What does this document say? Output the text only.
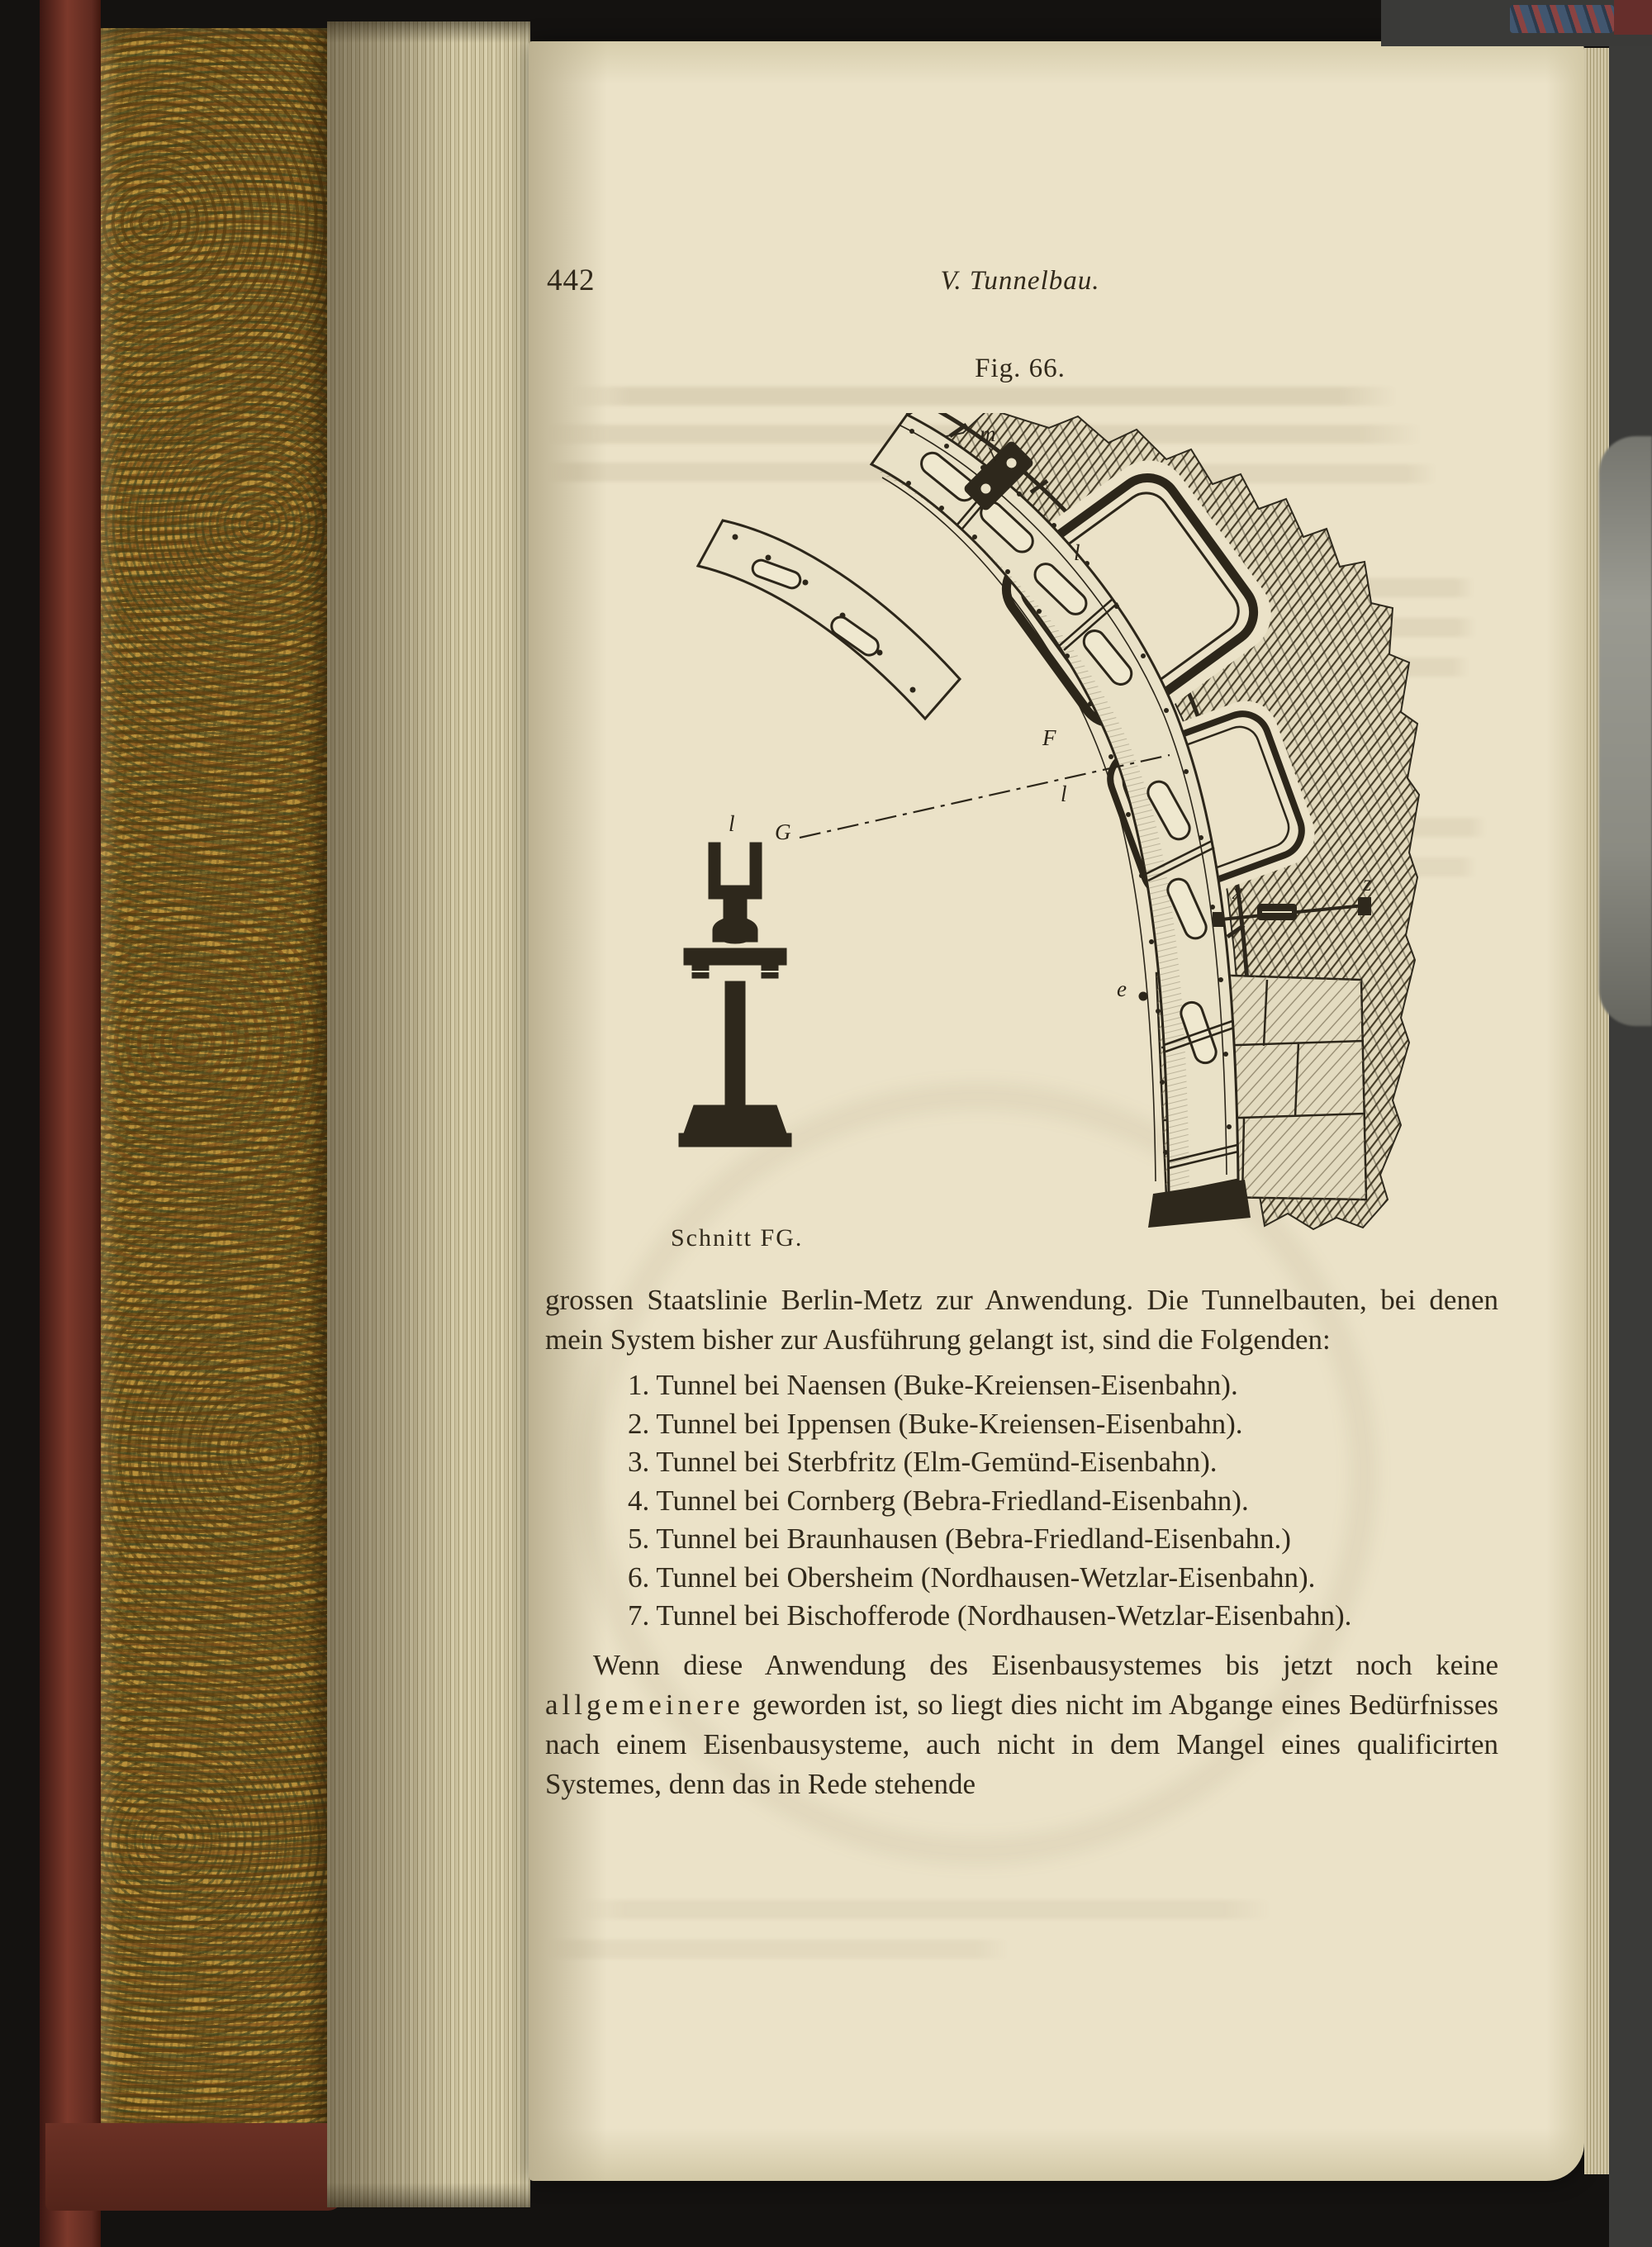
442	V. Tunnelbau.
Fig. 66.
m
l
F
l
G
l
x	z
e
Schnitt FG.

grossen Staatslinie Berlin-Metz zur Anwendung. Die Tunnelbauten, bei denen mein System bisher zur Ausführung gelangt ist, sind die Folgenden:

1. Tunnel bei Naensen (Buke-Kreiensen-Eisenbahn).
2. Tunnel bei Ippensen (Buke-Kreiensen-Eisenbahn).
3. Tunnel bei Sterbfritz (Elm-Gemünd-Eisenbahn).
4. Tunnel bei Cornberg (Bebra-Friedland-Eisenbahn).
5. Tunnel bei Braunhausen (Bebra-Friedland-Eisenbahn.)
6. Tunnel bei Obersheim (Nordhausen-Wetzlar-Eisenbahn).
7. Tunnel bei Bischofferode (Nordhausen-Wetzlar-Eisenbahn).

Wenn diese Anwendung des Eisenbausystemes bis jetzt noch keine allgemeinere geworden ist, so liegt dies nicht im Abgange eines Bedürfnisses nach einem Eisenbausysteme, auch nicht in dem Mangel eines qualificirten Systemes, denn das in Rede stehende
